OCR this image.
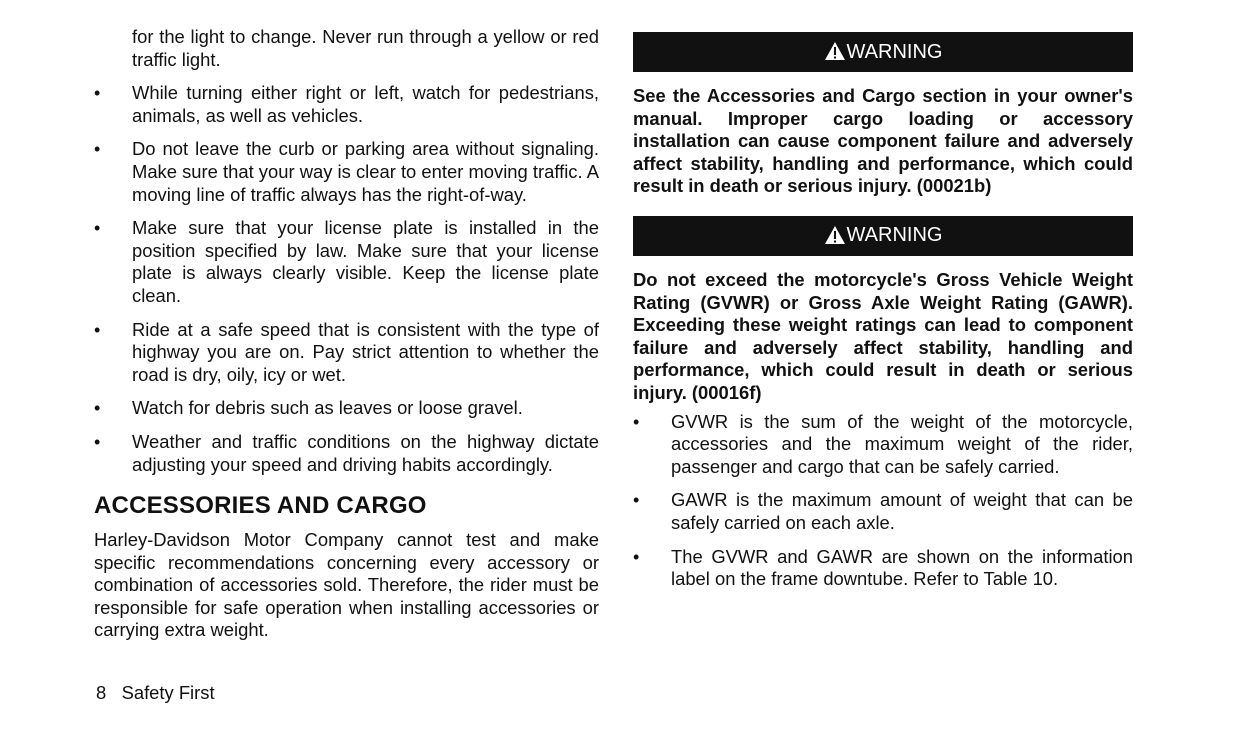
for the light to change. Never run through a yellow or red traffic light.

• While turning either right or left, watch for pedestrians, animals, as well as vehicles.

• Do not leave the curb or parking area without signaling. Make sure that your way is clear to enter moving traffic. A moving line of traffic always has the right-of-way.

• Make sure that your license plate is installed in the position specified by law. Make sure that your license plate is always clearly visible. Keep the license plate clean.

• Ride at a safe speed that is consistent with the type of highway you are on. Pay strict attention to whether the road is dry, oily, icy or wet.

• Watch for debris such as leaves or loose gravel.

• Weather and traffic conditions on the highway dictate adjusting your speed and driving habits accordingly.

ACCESSORIES AND CARGO

Harley-Davidson Motor Company cannot test and make specific recommendations concerning every accessory or combination of accessories sold. Therefore, the rider must be responsible for safe operation when installing accessories or carrying extra weight.

WARNING

See the Accessories and Cargo section in your owner's manual. Improper cargo loading or accessory installation can cause component failure and adversely affect stability, handling and performance, which could result in death or serious injury. (00021b)

WARNING

Do not exceed the motorcycle's Gross Vehicle Weight Rating (GVWR) or Gross Axle Weight Rating (GAWR). Exceeding these weight ratings can lead to component failure and adversely affect stability, handling and performance, which could result in death or serious injury. (00016f)

• GVWR is the sum of the weight of the motorcycle, accessories and the maximum weight of the rider, passenger and cargo that can be safely carried.

• GAWR is the maximum amount of weight that can be safely carried on each axle.

• The GVWR and GAWR are shown on the information label on the frame downtube. Refer to Table 10.

8 Safety First
